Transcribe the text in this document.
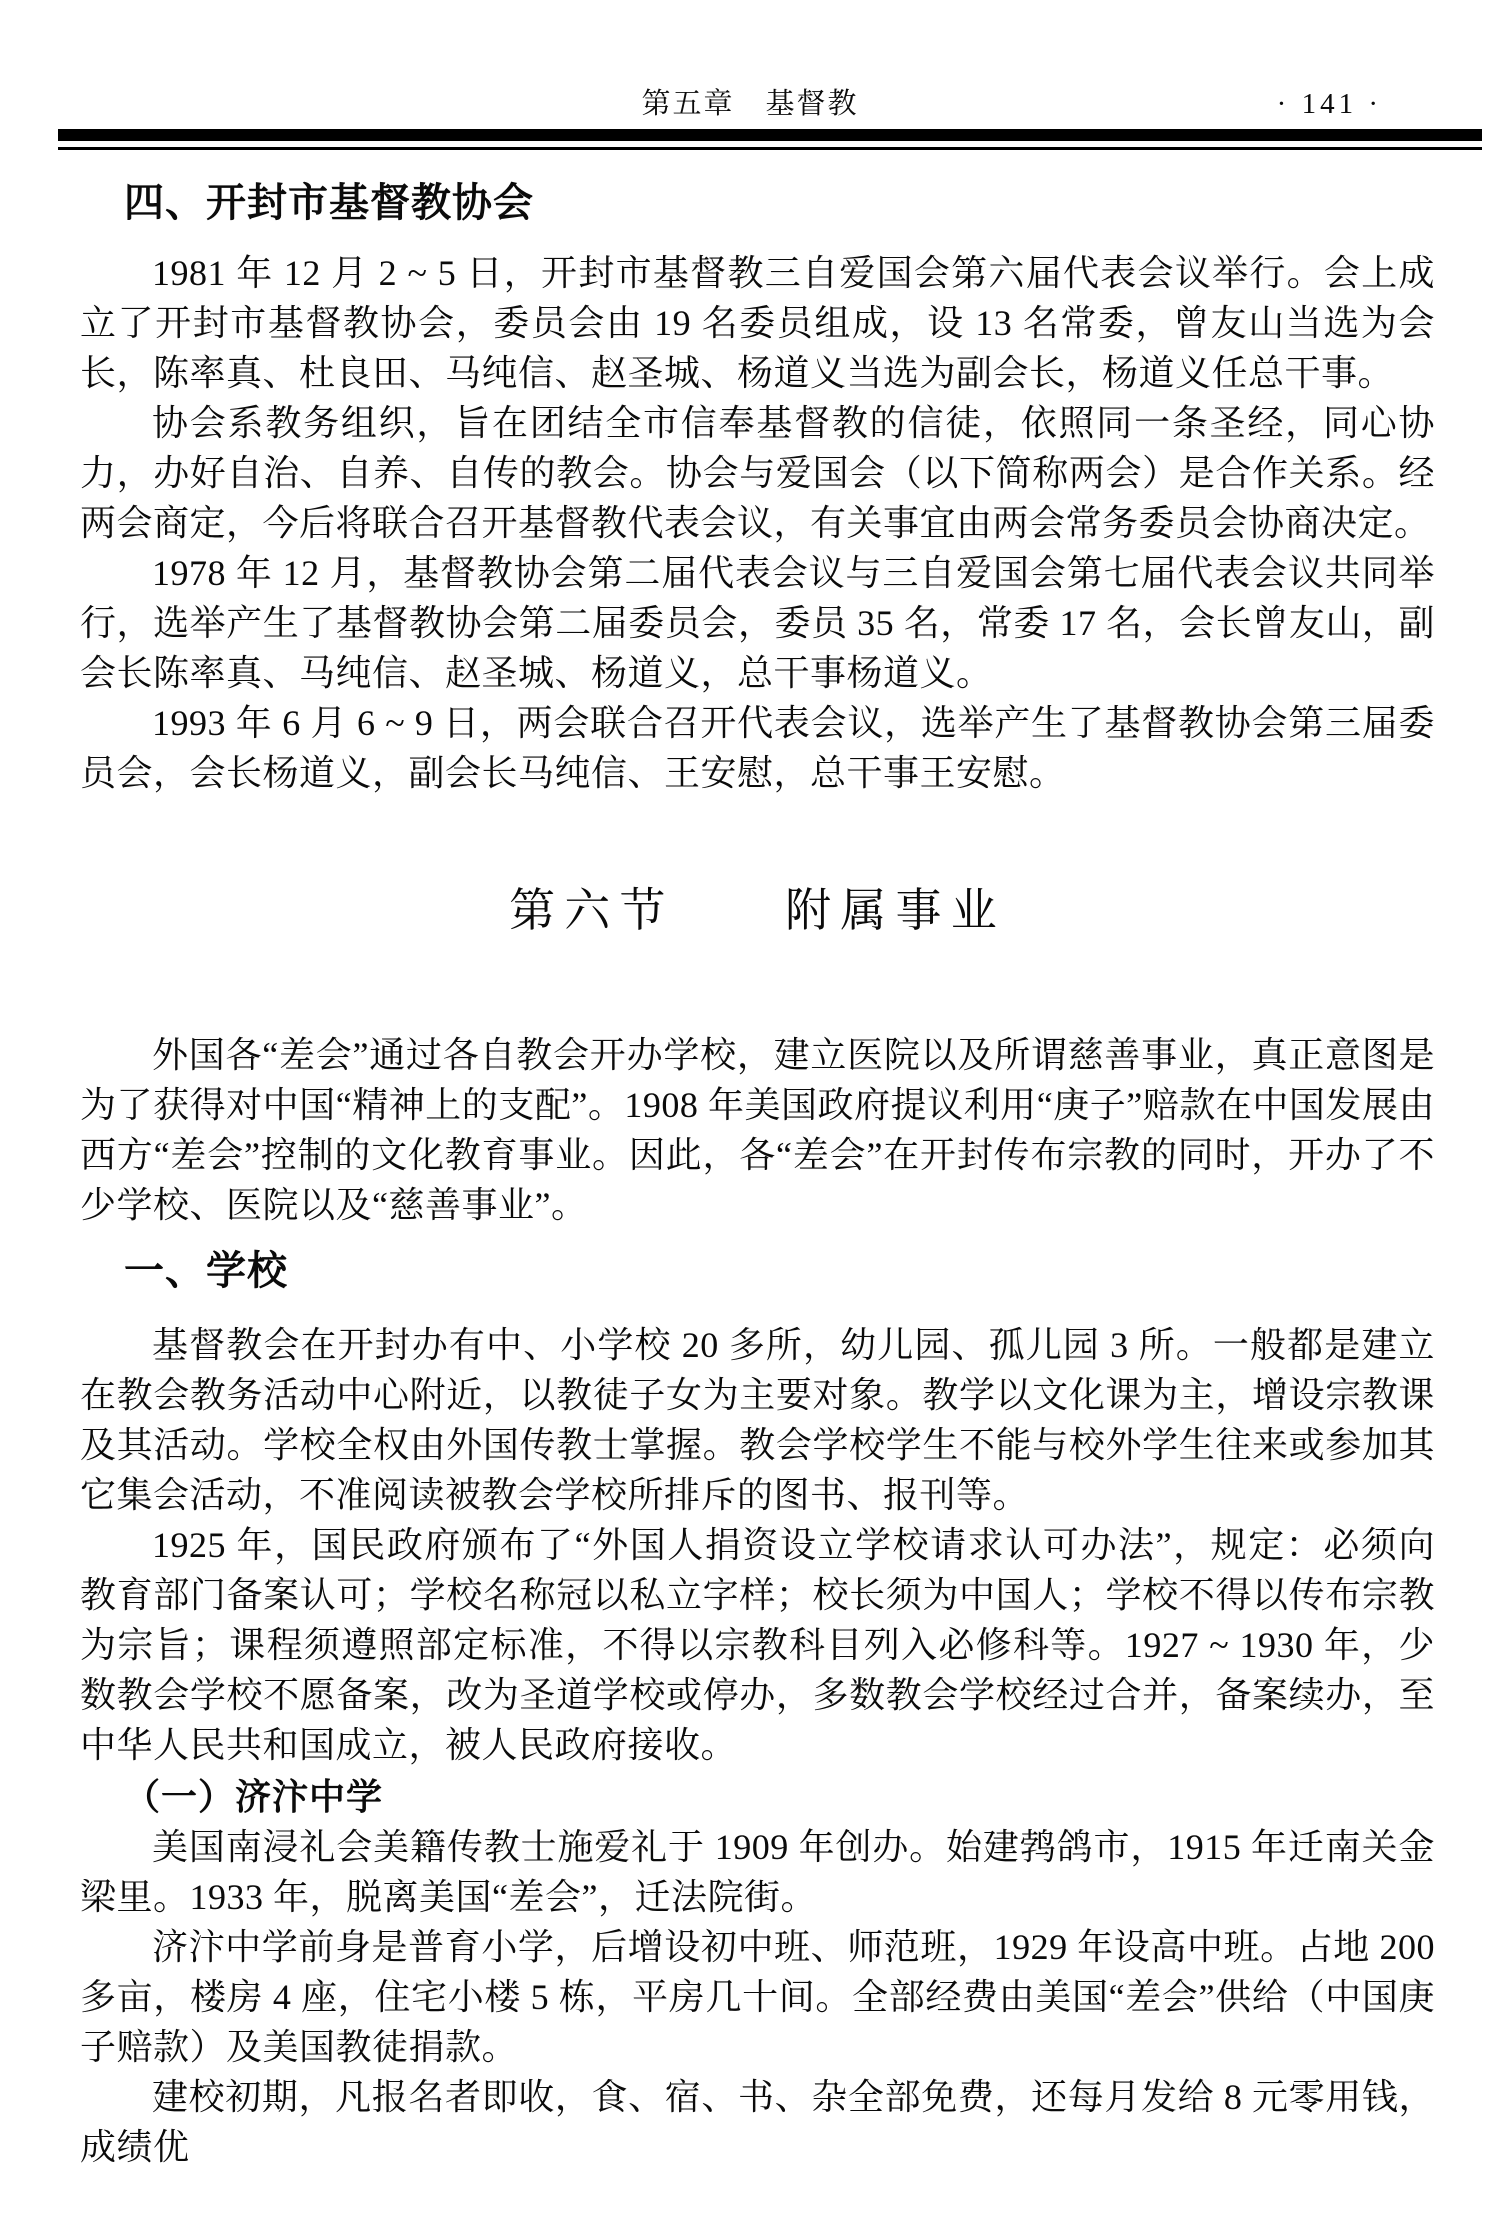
第五章　基督教	· 141 ·
四、开封市基督教协会

1981 年 12 月 2 ~ 5 日，开封市基督教三自爱国会第六届代表会议举行。会上成立了开封市基督教协会，委员会由 19 名委员组成，设 13 名常委，曾友山当选为会长，陈率真、杜良田、马纯信、赵圣城、杨道义当选为副会长，杨道义任总干事。

协会系教务组织，旨在团结全市信奉基督教的信徒，依照同一条圣经，同心协力，办好自治、自养、自传的教会。协会与爱国会（以下简称两会）是合作关系。经两会商定，今后将联合召开基督教代表会议，有关事宜由两会常务委员会协商决定。

1978 年 12 月，基督教协会第二届代表会议与三自爱国会第七届代表会议共同举行，选举产生了基督教协会第二届委员会，委员 35 名，常委 17 名，会长曾友山，副会长陈率真、马纯信、赵圣城、杨道义，总干事杨道义。

1993 年 6 月 6 ~ 9 日，两会联合召开代表会议，选举产生了基督教协会第三届委员会，会长杨道义，副会长马纯信、王安慰，总干事王安慰。

第六节　　附属事业

外国各“差会”通过各自教会开办学校，建立医院以及所谓慈善事业，真正意图是为了获得对中国“精神上的支配”。1908 年美国政府提议利用“庚子”赔款在中国发展由西方“差会”控制的文化教育事业。因此，各“差会”在开封传布宗教的同时，开办了不少学校、医院以及“慈善事业”。

一、学校

基督教会在开封办有中、小学校 20 多所，幼儿园、孤儿园 3 所。一般都是建立在教会教务活动中心附近，以教徒子女为主要对象。教学以文化课为主，增设宗教课及其活动。学校全权由外国传教士掌握。教会学校学生不能与校外学生往来或参加其它集会活动，不准阅读被教会学校所排斥的图书、报刊等。

1925 年，国民政府颁布了“外国人捐资设立学校请求认可办法”，规定：必须向教育部门备案认可；学校名称冠以私立字样；校长须为中国人；学校不得以传布宗教为宗旨；课程须遵照部定标准，不得以宗教科目列入必修科等。1927 ~ 1930 年，少数教会学校不愿备案，改为圣道学校或停办，多数教会学校经过合并，备案续办，至中华人民共和国成立，被人民政府接收。

（一）济汴中学

美国南浸礼会美籍传教士施爱礼于 1909 年创办。始建鹁鸽市，1915 年迁南关金梁里。1933 年，脱离美国“差会”，迁法院街。

济汴中学前身是普育小学，后增设初中班、师范班，1929 年设高中班。占地 200 多亩，楼房 4 座，住宅小楼 5 栋，平房几十间。全部经费由美国“差会”供给（中国庚子赔款）及美国教徒捐款。

建校初期，凡报名者即收，食、宿、书、杂全部免费，还每月发给 8 元零用钱，成绩优
